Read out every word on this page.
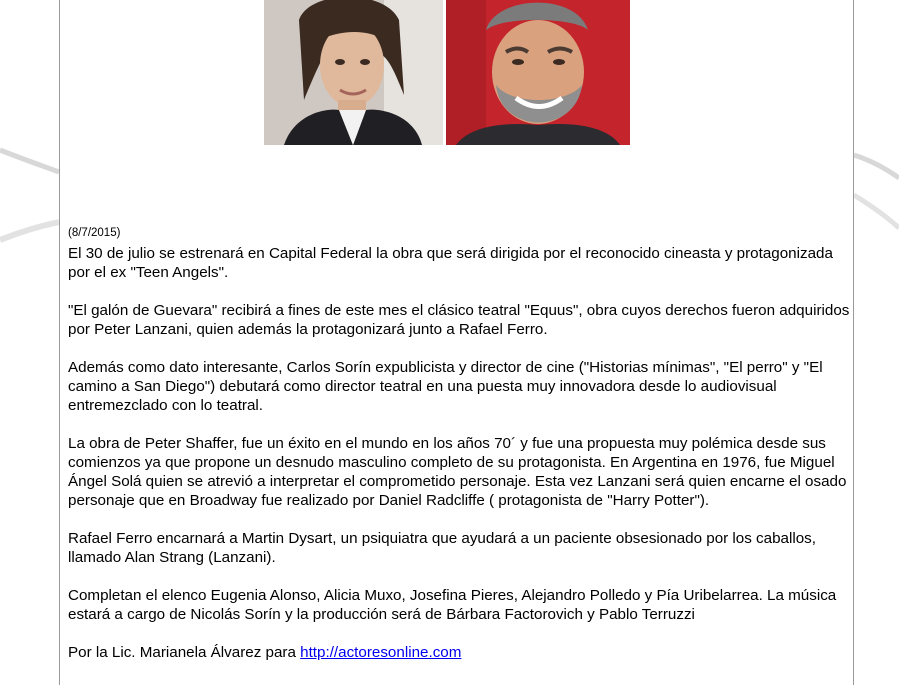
(8/7/2015)

El 30 de julio se estrenará en Capital Federal la obra que será dirigida por el reconocido cineasta y protagonizada por el ex "Teen Angels".

"El galón de Guevara" recibirá a fines de este mes el clásico teatral "Equus", obra cuyos derechos fueron adquiridos por Peter Lanzani, quien además la protagonizará junto a Rafael Ferro.

Además como dato interesante, Carlos Sorín expublicista y director de cine ("Historias mínimas", "El perro" y "El camino a San Diego") debutará como director teatral en una puesta muy innovadora desde lo audiovisual entremezclado con lo teatral.

La obra de Peter Shaffer, fue un éxito en el mundo en los años 70´ y fue una propuesta muy polémica desde sus comienzos ya que propone un desnudo masculino completo de su protagonista. En Argentina en 1976, fue Miguel Ángel Solá quien se atrevió a interpretar el comprometido personaje. Esta vez Lanzani será quien encarne el osado personaje que en Broadway fue realizado por Daniel Radcliffe ( protagonista de "Harry Potter").

Rafael Ferro encarnará a Martin Dysart, un psiquiatra que ayudará a un paciente obsesionado por los caballos, llamado Alan Strang (Lanzani).

Completan el elenco Eugenia Alonso, Alicia Muxo, Josefina Pieres, Alejandro Polledo y Pía Uribelarrea. La música estará a cargo de Nicolás Sorín y la producción será de Bárbara Factorovich y Pablo Terruzzi

Por la Lic. Marianela Álvarez para http://actoresonline.com
